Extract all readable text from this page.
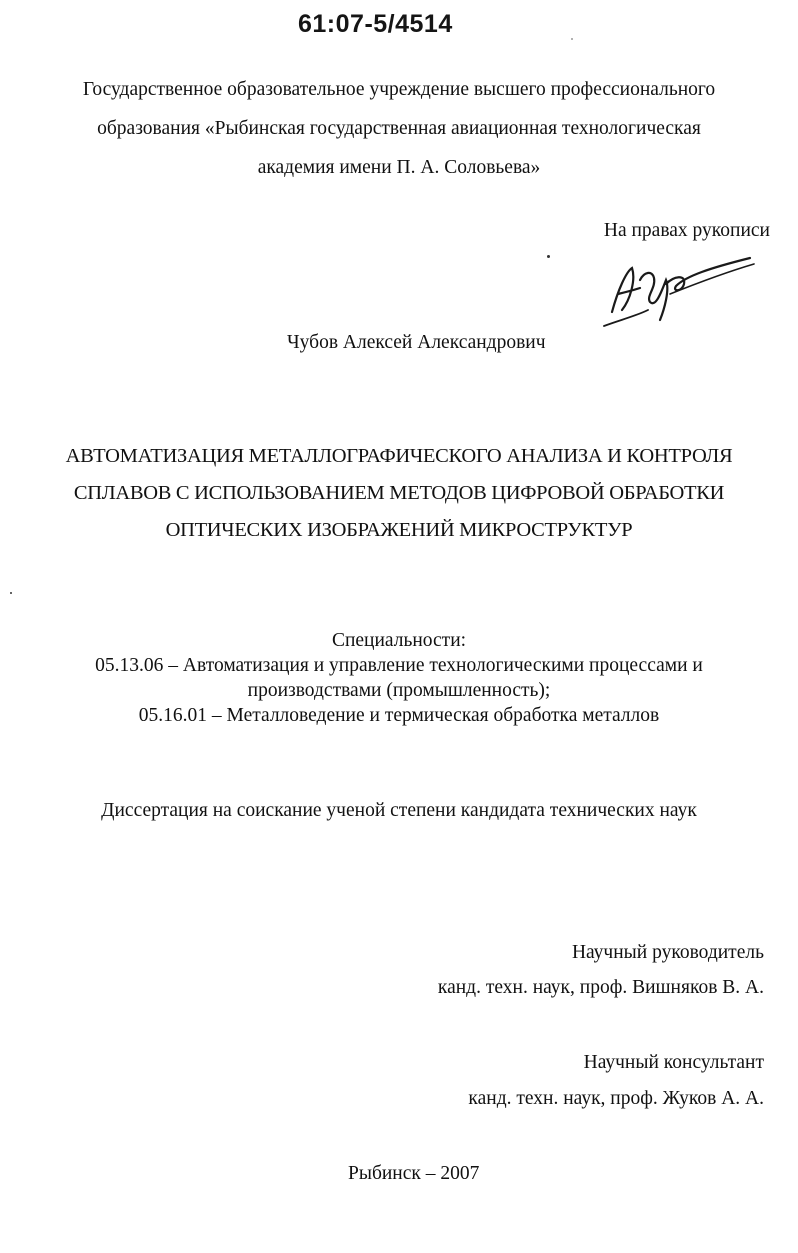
61:07-5/4514
Государственное образовательное учреждение высшего профессионального
образования «Рыбинская государственная авиационная технологическая
академия имени П. А. Соловьева»
На правах рукописи
Чубов Алексей Александрович
АВТОМАТИЗАЦИЯ МЕТАЛЛОГРАФИЧЕСКОГО АНАЛИЗА И КОНТРОЛЯ
СПЛАВОВ С ИСПОЛЬЗОВАНИЕМ МЕТОДОВ ЦИФРОВОЙ ОБРАБОТКИ
ОПТИЧЕСКИХ ИЗОБРАЖЕНИЙ МИКРОСТРУКТУР
Специальности:
05.13.06 – Автоматизация и управление технологическими процессами и
производствами (промышленность);
05.16.01 – Металловедение и термическая обработка металлов
Диссертация на соискание ученой степени кандидата технических наук
Научный руководитель
канд. техн. наук, проф. Вишняков В. А.
Научный консультант
канд. техн. наук, проф. Жуков А. А.
Рыбинск – 2007
